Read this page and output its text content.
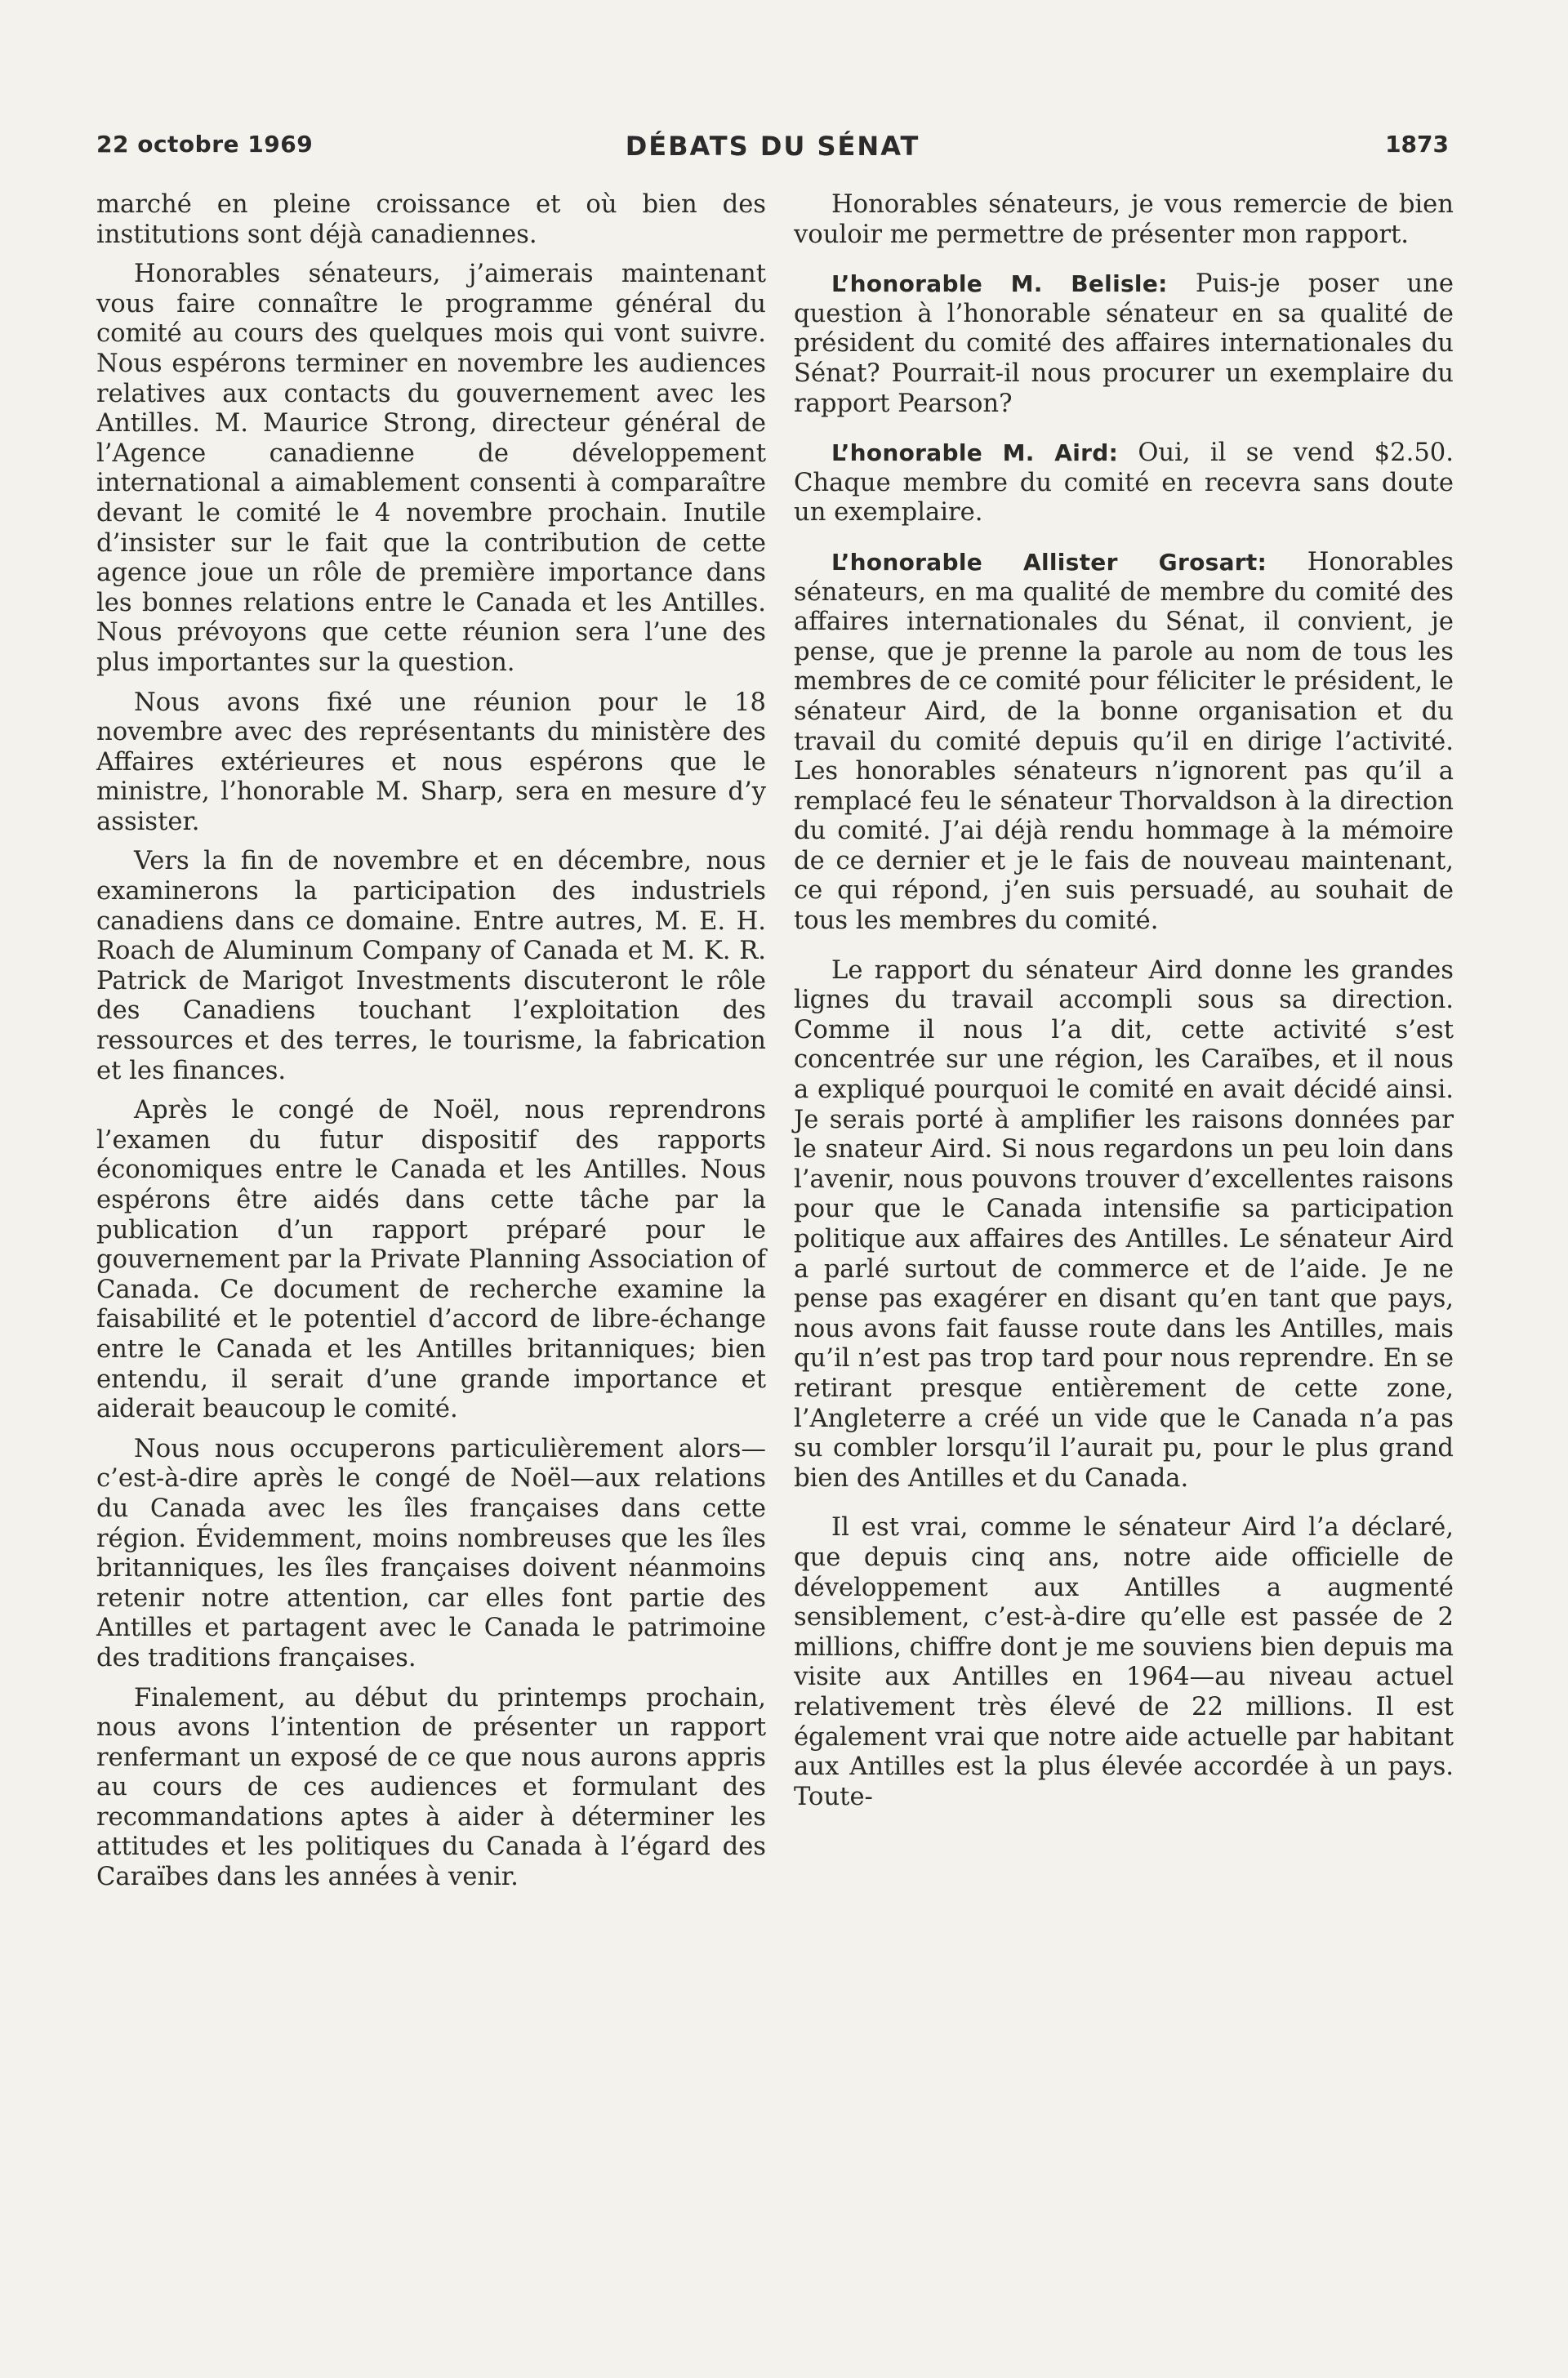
22 octobre 1969	DÉBATS DU SÉNAT	1873

marché en pleine croissance et où bien des institutions sont déjà canadiennes.

Honorables sénateurs, j’aimerais maintenant vous faire connaître le programme général du comité au cours des quelques mois qui vont suivre. Nous espérons terminer en novembre les audiences relatives aux contacts du gouvernement avec les Antilles. M. Maurice Strong, directeur général de l’Agence canadienne de développement international a aimablement consenti à comparaître devant le comité le 4 novembre prochain. Inutile d’insister sur le fait que la contribution de cette agence joue un rôle de première importance dans les bonnes relations entre le Canada et les Antilles. Nous prévoyons que cette réunion sera l’une des plus importantes sur la question.

Nous avons fixé une réunion pour le 18 novembre avec des représentants du ministère des Affaires extérieures et nous espérons que le ministre, l’honorable M. Sharp, sera en mesure d’y assister.

Vers la fin de novembre et en décembre, nous examinerons la participation des industriels canadiens dans ce domaine. Entre autres, M. E. H. Roach de Aluminum Company of Canada et M. K. R. Patrick de Marigot Investments discuteront le rôle des Canadiens touchant l’exploitation des ressources et des terres, le tourisme, la fabrication et les finances.

Après le congé de Noël, nous reprendrons l’examen du futur dispositif des rapports économiques entre le Canada et les Antilles. Nous espérons être aidés dans cette tâche par la publication d’un rapport préparé pour le gouvernement par la Private Planning Association of Canada. Ce document de recherche examine la faisabilité et le potentiel d’accord de libre-échange entre le Canada et les Antilles britanniques; bien entendu, il serait d’une grande importance et aiderait beaucoup le comité.

Nous nous occuperons particulièrement alors—c’est-à-dire après le congé de Noël—aux relations du Canada avec les îles françaises dans cette région. Évidemment, moins nombreuses que les îles britanniques, les îles françaises doivent néanmoins retenir notre attention, car elles font partie des Antilles et partagent avec le Canada le patrimoine des traditions françaises.

Finalement, au début du printemps prochain, nous avons l’intention de présenter un rapport renfermant un exposé de ce que nous aurons appris au cours de ces audiences et formulant des recommandations aptes à aider à déterminer les attitudes et les politiques du Canada à l’égard des Caraïbes dans les années à venir.

Honorables sénateurs, je vous remercie de bien vouloir me permettre de présenter mon rapport.

L’honorable M. Belisle: Puis-je poser une question à l’honorable sénateur en sa qualité de président du comité des affaires internationales du Sénat? Pourrait-il nous procurer un exemplaire du rapport Pearson?

L’honorable M. Aird: Oui, il se vend $2.50. Chaque membre du comité en recevra sans doute un exemplaire.

L’honorable Allister Grosart: Honorables sénateurs, en ma qualité de membre du comité des affaires internationales du Sénat, il convient, je pense, que je prenne la parole au nom de tous les membres de ce comité pour féliciter le président, le sénateur Aird, de la bonne organisation et du travail du comité depuis qu’il en dirige l’activité. Les honorables sénateurs n’ignorent pas qu’il a remplacé feu le sénateur Thorvaldson à la direction du comité. J’ai déjà rendu hommage à la mémoire de ce dernier et je le fais de nouveau maintenant, ce qui répond, j’en suis persuadé, au souhait de tous les membres du comité.

Le rapport du sénateur Aird donne les grandes lignes du travail accompli sous sa direction. Comme il nous l’a dit, cette activité s’est concentrée sur une région, les Caraïbes, et il nous a expliqué pourquoi le comité en avait décidé ainsi. Je serais porté à amplifier les raisons données par le snateur Aird. Si nous regardons un peu loin dans l’avenir, nous pouvons trouver d’excellentes raisons pour que le Canada intensifie sa participation politique aux affaires des Antilles. Le sénateur Aird a parlé surtout de commerce et de l’aide. Je ne pense pas exagérer en disant qu’en tant que pays, nous avons fait fausse route dans les Antilles, mais qu’il n’est pas trop tard pour nous reprendre. En se retirant presque entièrement de cette zone, l’Angleterre a créé un vide que le Canada n’a pas su combler lorsqu’il l’aurait pu, pour le plus grand bien des Antilles et du Canada.

Il est vrai, comme le sénateur Aird l’a déclaré, que depuis cinq ans, notre aide officielle de développement aux Antilles a augmenté sensiblement, c’est-à-dire qu’elle est passée de 2 millions, chiffre dont je me souviens bien depuis ma visite aux Antilles en 1964—au niveau actuel relativement très élevé de 22 millions. Il est également vrai que notre aide actuelle par habitant aux Antilles est la plus élevée accordée à un pays. Toute-
